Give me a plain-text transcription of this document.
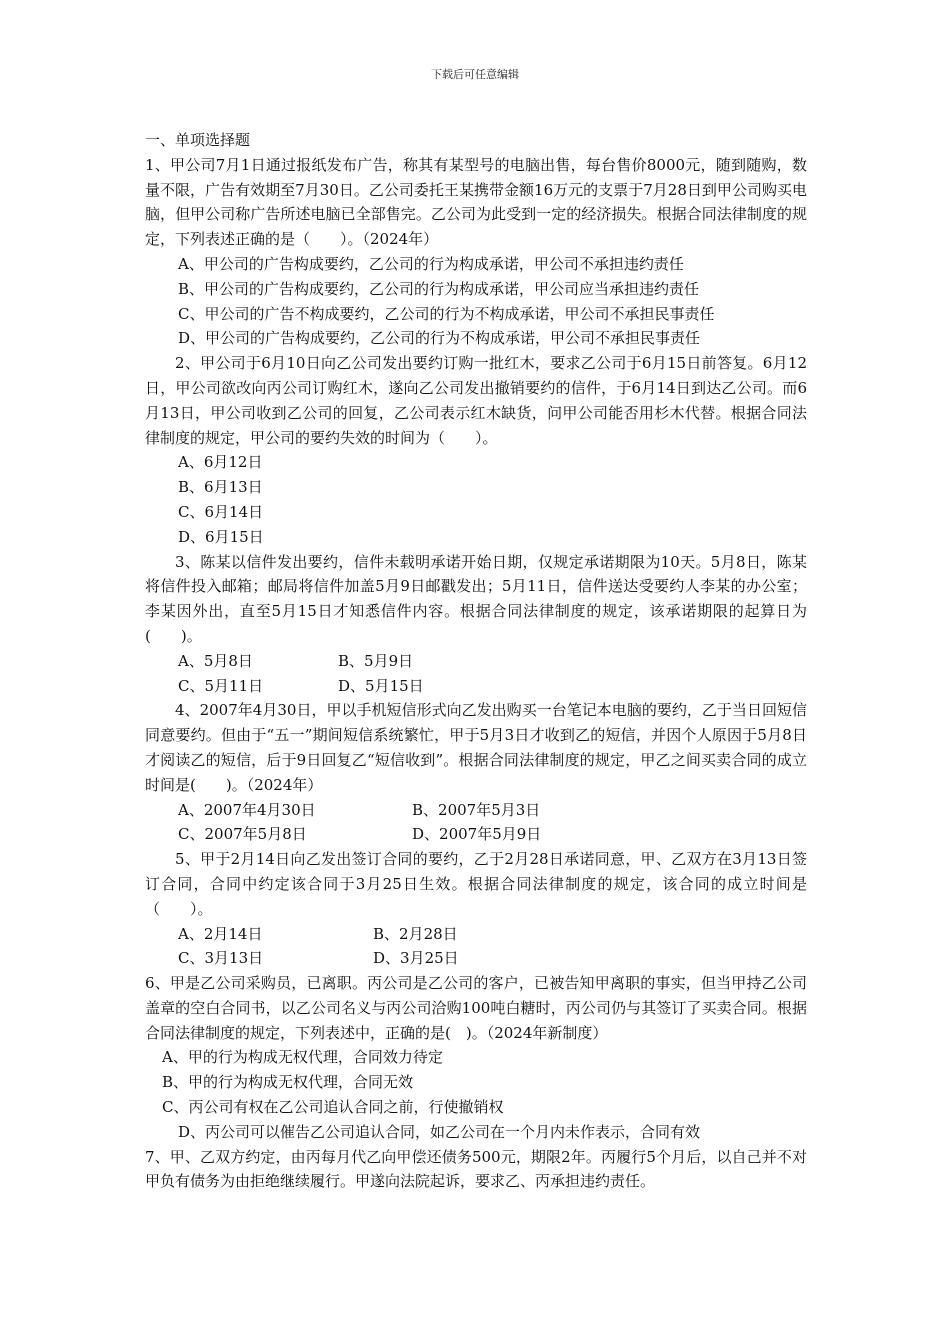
下载后可任意编辑

一、单项选择题

1、甲公司7月1日通过报纸发布广告，称其有某型号的电脑出售，每台售价8000元，随到随购，数量不限，广告有效期至7月30日。乙公司委托王某携带金额16万元的支票于7月28日到甲公司购买电脑，但甲公司称广告所述电脑已全部售完。乙公司为此受到一定的经济损失。根据合同法律制度的规定，下列表述正确的是（　　）。（2024年）

A、甲公司的广告构成要约，乙公司的行为构成承诺，甲公司不承担违约责任

B、甲公司的广告构成要约，乙公司的行为构成承诺，甲公司应当承担违约责任

C、甲公司的广告不构成要约，乙公司的行为不构成承诺，甲公司不承担民事责任

D、甲公司的广告构成要约，乙公司的行为不构成承诺，甲公司不承担民事责任

2、甲公司于6月10日向乙公司发出要约订购一批红木，要求乙公司于6月15日前答复。6月12日，甲公司欲改向丙公司订购红木，遂向乙公司发出撤销要约的信件，于6月14日到达乙公司。而6月13日，甲公司收到乙公司的回复，乙公司表示红木缺货，问甲公司能否用杉木代替。根据合同法律制度的规定，甲公司的要约失效的时间为（　　）。

A、6月12日

B、6月13日

C、6月14日

D、6月15日

3、陈某以信件发出要约，信件未载明承诺开始日期，仅规定承诺期限为10天。5月8日，陈某将信件投入邮箱；邮局将信件加盖5月9日邮戳发出；5月11日，信件送达受要约人李某的办公室；李某因外出，直至5月15日才知悉信件内容。根据合同法律制度的规定，该承诺期限的起算日为(　　)。

A、5月8日	B、5月9日
C、5月11日	D、5月15日

4、2007年4月30日，甲以手机短信形式向乙发出购买一台笔记本电脑的要约，乙于当日回短信同意要约。但由于“五一”期间短信系统繁忙，甲于5月3日才收到乙的短信，并因个人原因于5月8日才阅读乙的短信，后于9日回复乙“短信收到”。根据合同法律制度的规定，甲乙之间买卖合同的成立时间是(　　)。（2024年）

A、2007年4月30日	B、2007年5月3日
C、2007年5月8日	D、2007年5月9日

5、甲于2月14日向乙发出签订合同的要约，乙于2月28日承诺同意，甲、乙双方在3月13日签订合同，合同中约定该合同于3月25日生效。根据合同法律制度的规定，该合同的成立时间是（　　）。

A、2月14日	B、2月28日
C、3月13日	D、3月25日

6、甲是乙公司采购员，已离职。丙公司是乙公司的客户，已被告知甲离职的事实，但当甲持乙公司盖章的空白合同书，以乙公司名义与丙公司洽购100吨白糖时，丙公司仍与其签订了买卖合同。根据合同法律制度的规定，下列表述中，正确的是(　)。（2024年新制度）

A、甲的行为构成无权代理，合同效力待定

B、甲的行为构成无权代理，合同无效

C、丙公司有权在乙公司追认合同之前，行使撤销权

D、丙公司可以催告乙公司追认合同，如乙公司在一个月内未作表示，合同有效

7、甲、乙双方约定，由丙每月代乙向甲偿还债务500元，期限2年。丙履行5个月后，以自己并不对甲负有债务为由拒绝继续履行。甲遂向法院起诉，要求乙、丙承担违约责任。
